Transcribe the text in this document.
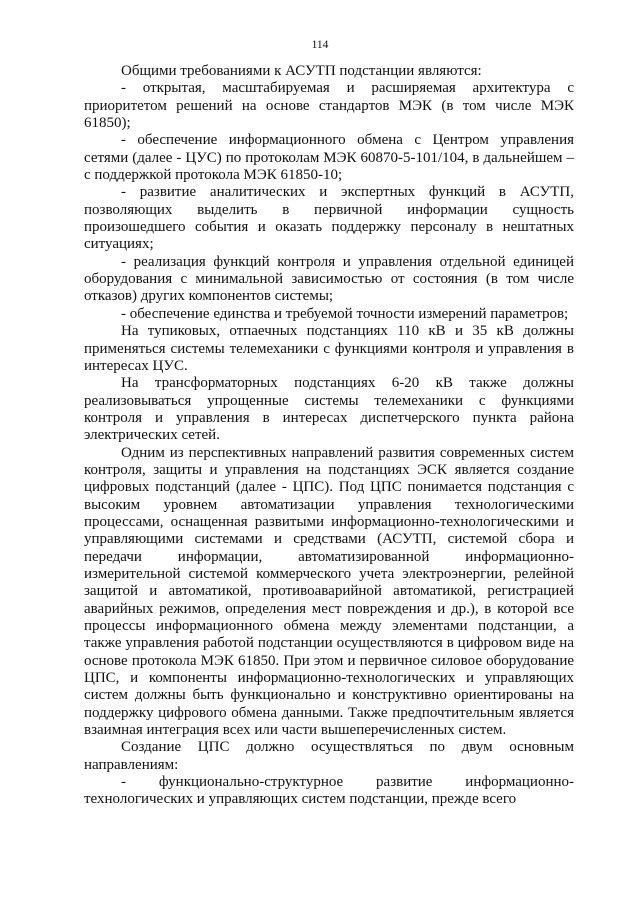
114

Общими требованиями к АСУТП подстанции являются:

- открытая, масштабируемая и расширяемая архитектура с приоритетом решений на основе стандартов МЭК (в том числе МЭК 61850);

- обеспечение информационного обмена с Центром управления сетями (далее - ЦУС) по протоколам МЭК 60870-5-101/104, в дальнейшем – с поддержкой протокола МЭК 61850-10;

- развитие аналитических и экспертных функций в АСУТП, позволяющих выделить в первичной информации сущность произошедшего события и оказать поддержку персоналу в нештатных ситуациях;

- реализация функций контроля и управления отдельной единицей оборудования с минимальной зависимостью от состояния (в том числе отказов) других компонентов системы;

- обеспечение единства и требуемой точности измерений параметров;

На тупиковых, отпаечных подстанциях 110 кВ и 35 кВ должны применяться системы телемеханики с функциями контроля и управления в интересах ЦУС.

На трансформаторных подстанциях 6-20 кВ также должны реализовываться упрощенные системы телемеханики с функциями контроля и управления в интересах диспетчерского пункта района электрических сетей.

Одним из перспективных направлений развития современных систем контроля, защиты и управления на подстанциях ЭСК является создание цифровых подстанций (далее - ЦПС). Под ЦПС понимается подстанция с высоким уровнем автоматизации управления технологическими процессами, оснащенная развитыми информационно-технологическими и управляющими системами и средствами (АСУТП, системой сбора и передачи информации, автоматизированной информационно-измерительной системой коммерческого учета электроэнергии, релейной защитой и автоматикой, противоаварийной автоматикой, регистрацией аварийных режимов, определения мест повреждения и др.), в которой все процессы информационного обмена между элементами подстанции, а также управления работой подстанции осуществляются в цифровом виде на основе протокола МЭК 61850. При этом и первичное силовое оборудование ЦПС, и компоненты информационно-технологических и управляющих систем должны быть функционально и конструктивно ориентированы на поддержку цифрового обмена данными. Также предпочтительным является взаимная интеграция всех или части вышеперечисленных систем.

Создание ЦПС должно осуществляться по двум основным направлениям:

- функционально-структурное развитие информационно-технологических и управляющих систем подстанции, прежде всего
